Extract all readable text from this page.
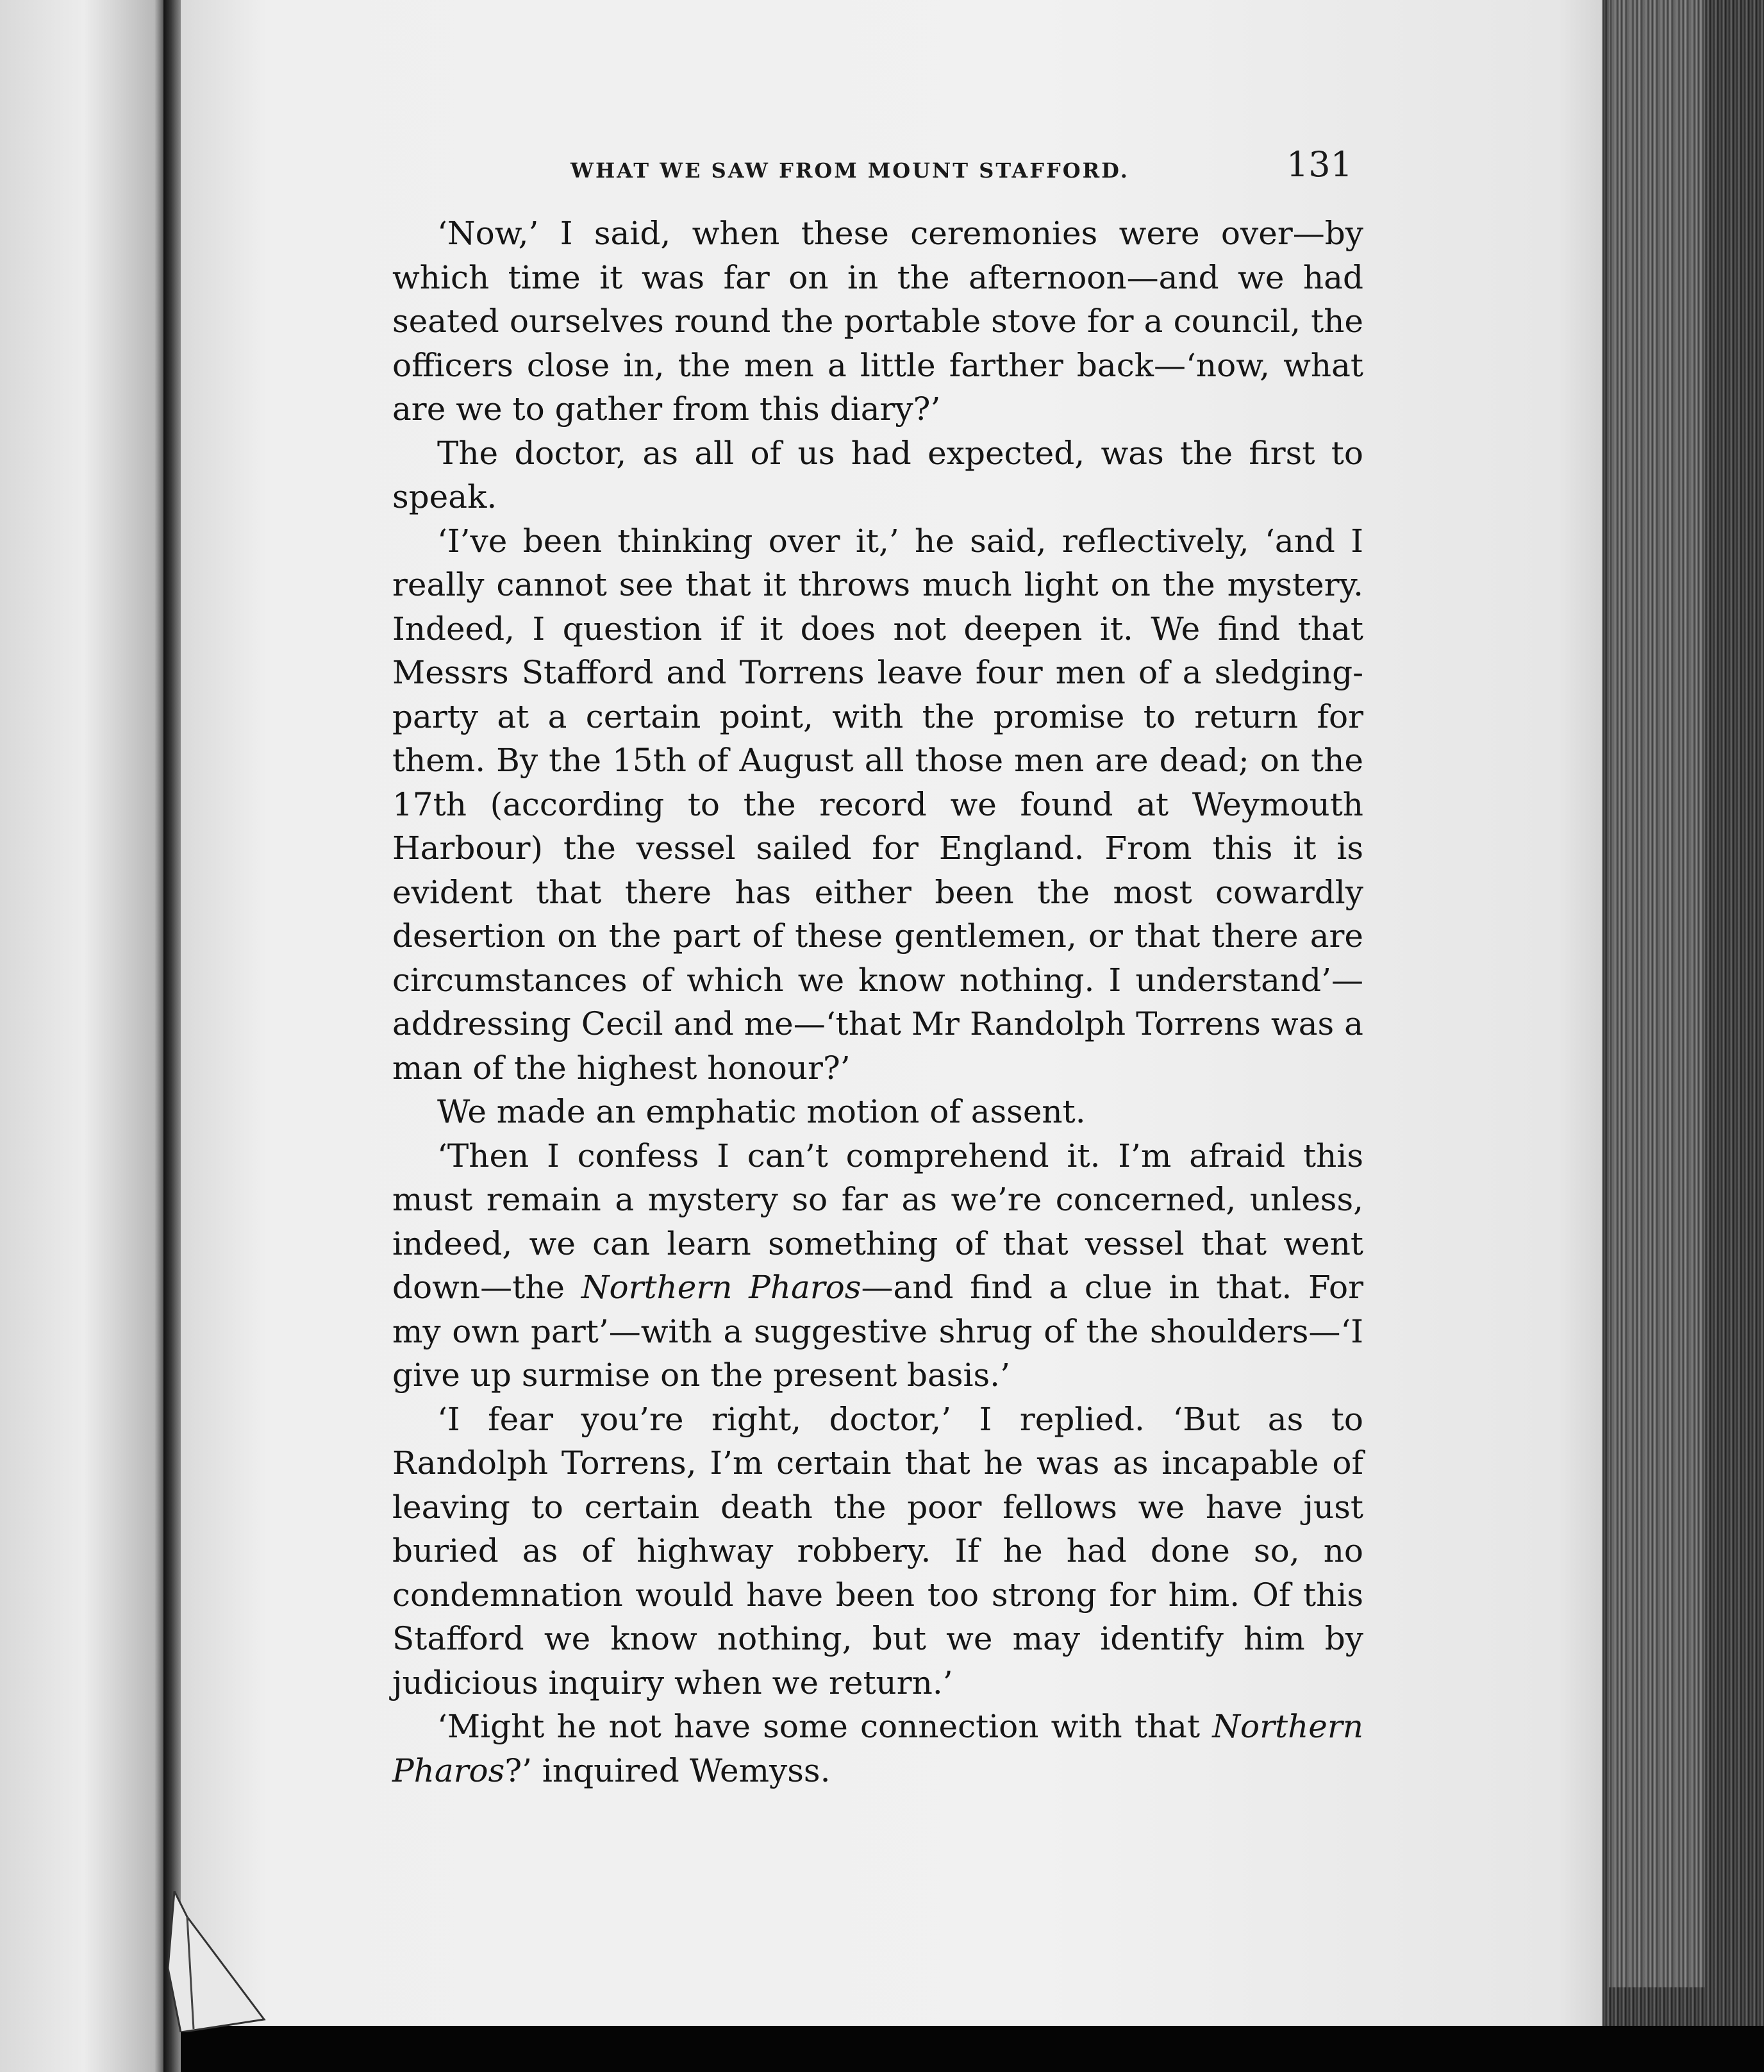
WHAT WE SAW FROM MOUNT STAFFORD.	131

‘Now,’ I said, when these ceremonies were over—by which time it was far on in the afternoon—and we had seated ourselves round the portable stove for a council, the officers close in, the men a little farther back—‘now, what are we to gather from this diary?’

The doctor, as all of us had expected, was the first to speak.

‘I’ve been thinking over it,’ he said, reflectively, ‘and I really cannot see that it throws much light on the mystery. Indeed, I question if it does not deepen it. We find that Messrs Stafford and Torrens leave four men of a sledging-party at a certain point, with the promise to return for them. By the 15th of August all those men are dead; on the 17th (according to the record we found at Weymouth Harbour) the vessel sailed for England. From this it is evident that there has either been the most cowardly desertion on the part of these gentlemen, or that there are circumstances of which we know nothing. I understand’—addressing Cecil and me—‘that Mr Randolph Torrens was a man of the highest honour?’

We made an emphatic motion of assent.

‘Then I confess I can’t comprehend it. I’m afraid this must remain a mystery so far as we’re concerned, unless, indeed, we can learn something of that vessel that went down—the Northern Pharos—and find a clue in that. For my own part’—with a suggestive shrug of the shoulders—‘I give up surmise on the present basis.’

‘I fear you’re right, doctor,’ I replied. ‘But as to Randolph Torrens, I’m certain that he was as incapable of leaving to certain death the poor fellows we have just buried as of highway robbery. If he had done so, no condemnation would have been too strong for him. Of this Stafford we know nothing, but we may identify him by judicious inquiry when we return.’

‘Might he not have some connection with that Northern Pharos?’ inquired Wemyss.
